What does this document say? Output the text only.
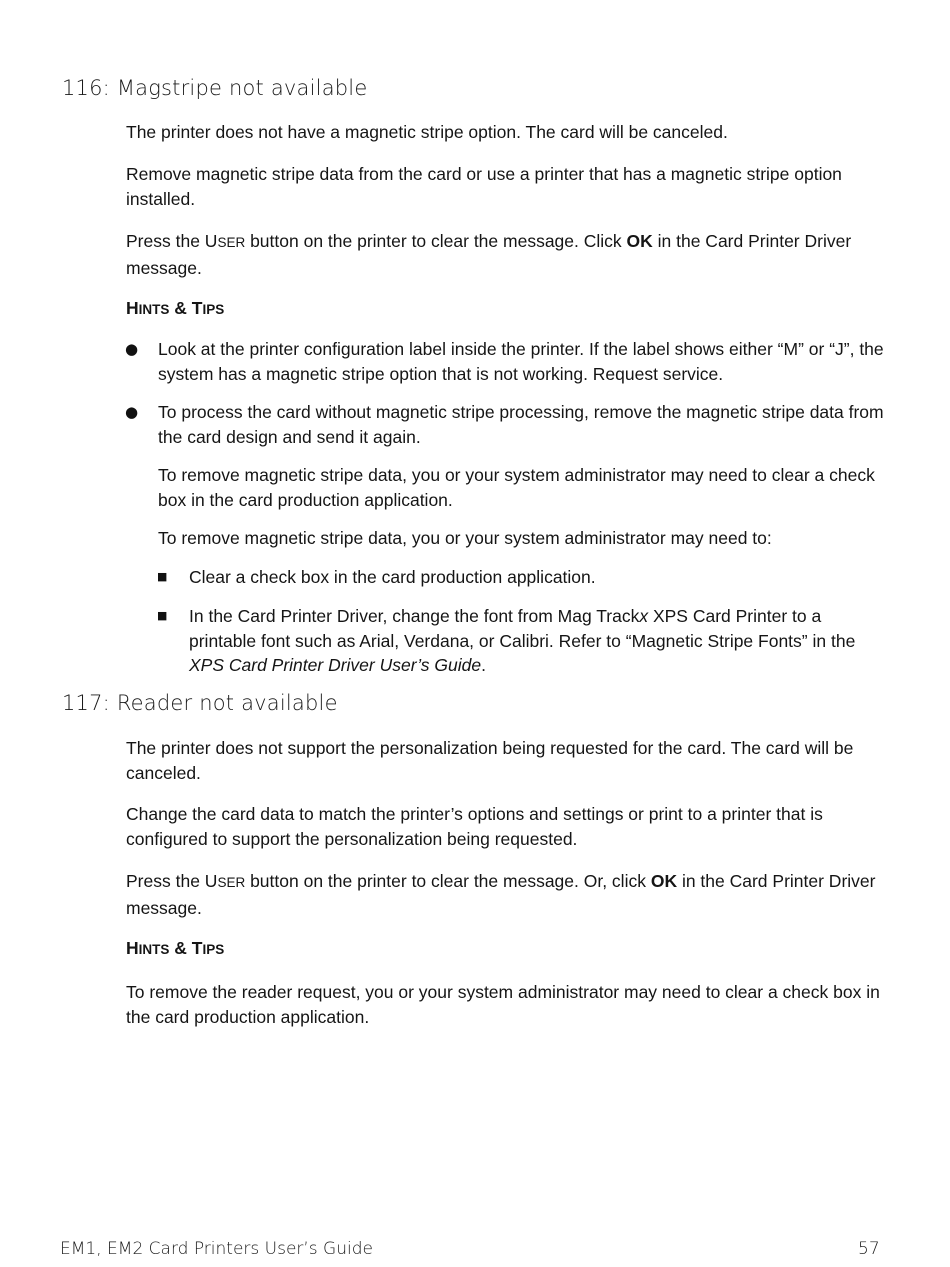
116: Magstripe not available

The printer does not have a magnetic stripe option. The card will be canceled.

Remove magnetic stripe data from the card or use a printer that has a magnetic stripe option installed.

Press the USER button on the printer to clear the message. Click OK in the Card Printer Driver message.

HINTS & TIPS

● Look at the printer configuration label inside the printer. If the label shows either “M” or “J”, the system has a magnetic stripe option that is not working. Request service.

● To process the card without magnetic stripe processing, remove the magnetic stripe data from the card design and send it again.

To remove magnetic stripe data, you or your system administrator may need to clear a check box in the card production application.

To remove magnetic stripe data, you or your system administrator may need to:

■ Clear a check box in the card production application.

■ In the Card Printer Driver, change the font from Mag Trackx XPS Card Printer to a printable font such as Arial, Verdana, or Calibri. Refer to “Magnetic Stripe Fonts” in the XPS Card Printer Driver User’s Guide.

117: Reader not available

The printer does not support the personalization being requested for the card. The card will be canceled.

Change the card data to match the printer’s options and settings or print to a printer that is configured to support the personalization being requested.

Press the USER button on the printer to clear the message. Or, click OK in the Card Printer Driver message.

HINTS & TIPS

To remove the reader request, you or your system administrator may need to clear a check box in the card production application.

EM1, EM2 Card Printers User’s Guide	57
